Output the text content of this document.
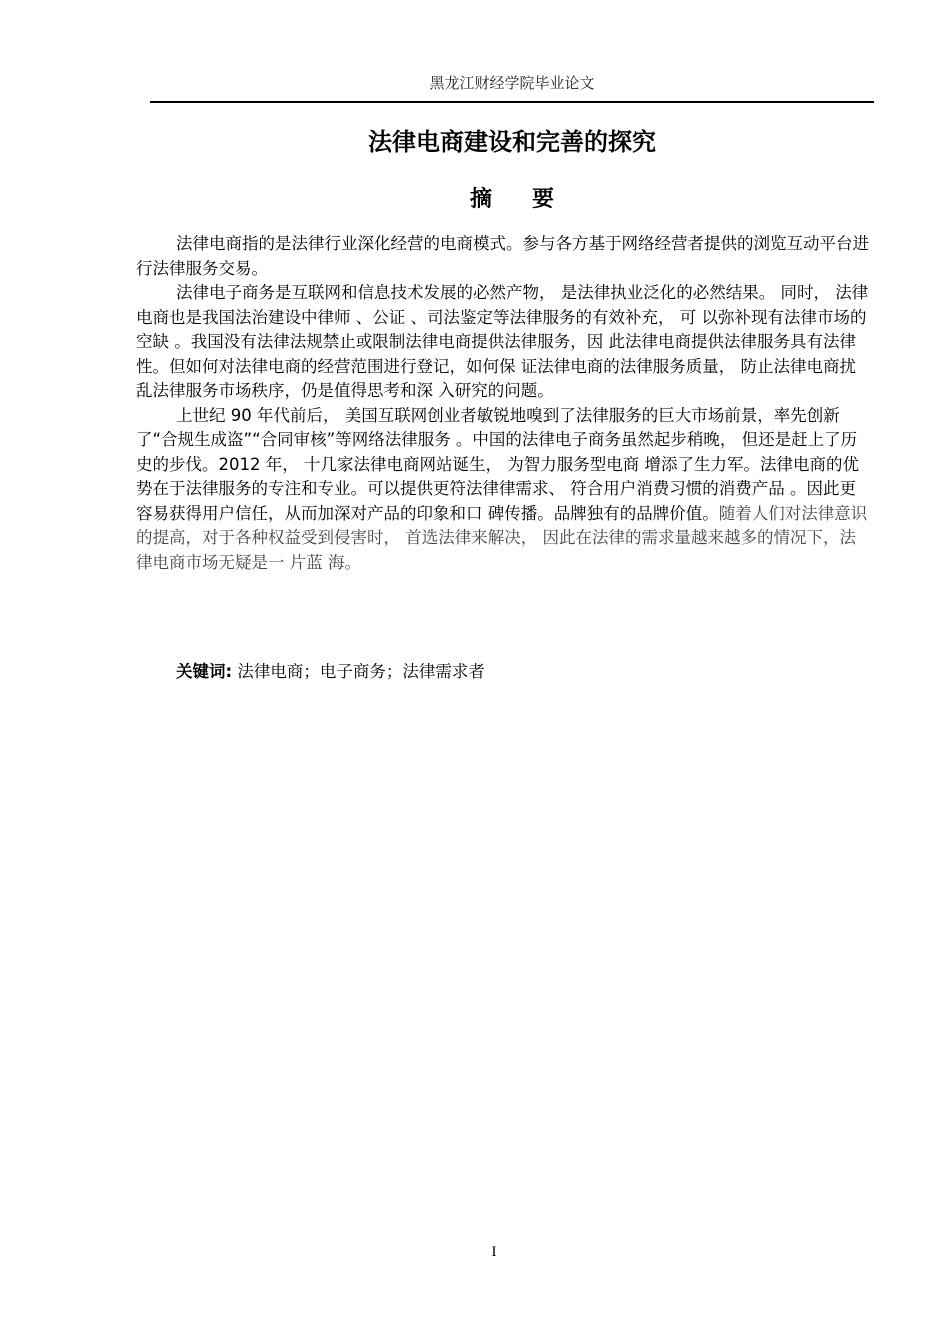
黑龙江财经学院毕业论文
法律电商建设和完善的探究
摘要

法律电商指的是法律行业深化经营的电商模式。参与各方基于网络经营者提供的浏览互动平台进行法律服务交易。

法律电子商务是互联网和信息技术发展的必然产物， 是法律执业泛化的必然结果。 同时， 法律电商也是我国法治建设中律师 、公证 、司法鉴定等法律服务的有效补充， 可 以弥补现有法律市场的空缺 。我国没有法律法规禁止或限制法律电商提供法律服务，因 此法律电商提供法律服务具有法律性。但如何对法律电商的经营范围进行登记，如何保 证法律电商的法律服务质量， 防止法律电商扰乱法律服务市场秩序，仍是值得思考和深 入研究的问题。

上世纪 90 年代前后， 美国互联网创业者敏锐地嗅到了法律服务的巨大市场前景，率先创新了“合规生成盗”“合同审核”等网络法律服务 。中国的法律电子商务虽然起步稍晚， 但还是赶上了历史的步伐。2012 年， 十几家法律电商网站诞生， 为智力服务型电商 增添了生力军。法律电商的优势在于法律服务的专注和专业。可以提供更符法律律需求、 符合用户消费习惯的消费产品 。因此更容易获得用户信任，从而加深对产品的印象和口 碑传播。品牌独有的品牌价值。随着人们对法律意识的提高，对于各种权益受到侵害时， 首选法律来解决， 因此在法律的需求量越来越多的情况下，法律电商市场无疑是一 片蓝 海。

关键词: 法律电商；电子商务；法律需求者
I
